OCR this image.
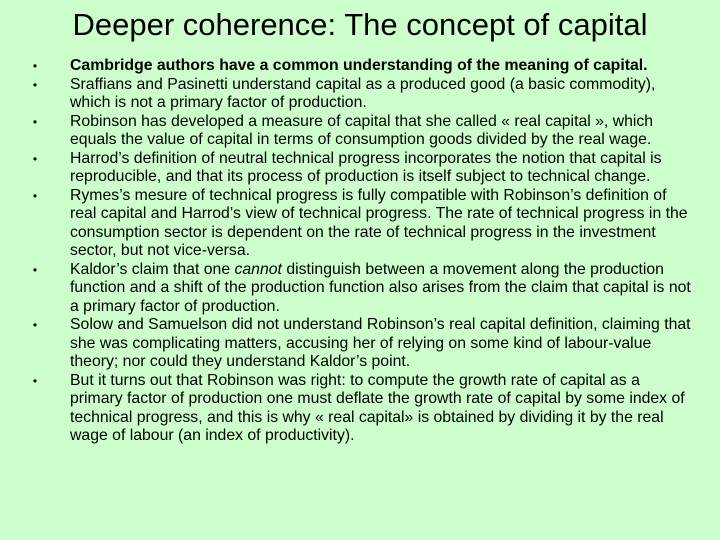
Deeper coherence: The concept of capital
•	Cambridge authors have a common understanding of the meaning of capital.
•	Sraffians and Pasinetti understand capital as a produced good (a basic commodity), which is not a primary factor of production.
•	Robinson has developed a measure of capital that she called « real capital », which equals the value of capital in terms of consumption goods divided by the real wage.
•	Harrod’s definition of neutral technical progress incorporates the notion that capital is reproducible, and that its process of production is itself subject to technical change.
•	Rymes’s mesure of technical progress is fully compatible with Robinson’s definition of real capital and Harrod’s view of technical progress. The rate of technical progress in the consumption sector is dependent on the rate of technical progress in the investment sector, but not vice-versa.
•	Kaldor’s claim that one cannot distinguish between a movement along the production function and a shift of the production function also arises from the claim that capital is not a primary factor of production.
•	Solow and Samuelson did not understand Robinson’s real capital definition, claiming that she was complicating matters, accusing her of relying on some kind of labour-value theory; nor could they understand Kaldor’s point.
•	But it turns out that Robinson was right: to compute the growth rate of capital as a primary factor of production one must deflate the growth rate of capital by some index of technical progress, and this is why « real capital» is obtained by dividing it by the real wage of labour (an index of productivity).
